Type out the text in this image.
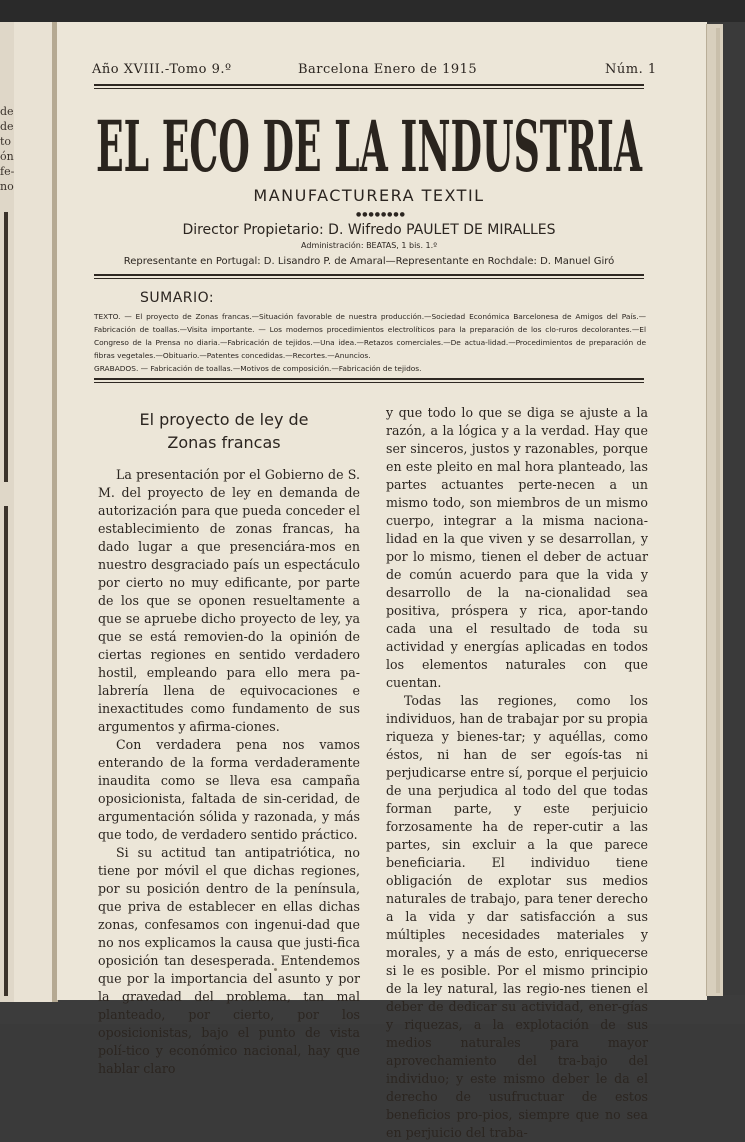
de
de
to
ón
fe-
no
Año XVIII.-Tomo 9.º	Barcelona Enero de 1915	Núm. 1
EL ECO DE LA INDUSTRIA
MANUFACTURERA TEXTIL
●●●●●●●●
Director Propietario: D. Wifredo PAULET DE MIRALLES
Administración: BEATAS, 1 bis. 1.º
Representante en Portugal: D. Lisandro P. de Amaral—Representante en Rochdale: D. Manuel Giró
SUMARIO:

TEXTO. — El proyecto de Zonas francas.—Situación favorable de nuestra producción.—Sociedad Económica Barcelonesa de Amigos del País.—Fabricación de toallas.—Visita importante. — Los modernos procedimientos electrolíticos para la preparación de los clo-ruros decolorantes.—El Congreso de la Prensa no diaria.—Fabricación de tejidos.—Una idea.—Retazos comerciales.—De actua-lidad.—Procedimientos de preparación de fibras vegetales.—Obituario.—Patentes concedidas.—Recortes.—Anuncios.

GRABADOS. — Fabricación de toallas.—Motivos de composición.—Fabricación de tejidos.

El proyecto de ley de
Zonas francas

La presentación por el Gobierno de S. M. del proyecto de ley en demanda de autorización para que pueda conceder el establecimiento de zonas francas, ha dado lugar a que presenciára-mos en nuestro desgraciado país un espectáculo por cierto no muy edificante, por parte de los que se oponen resueltamente a que se apruebe dicho proyecto de ley, ya que se está removien-do la opinión de ciertas regiones en sentido verdadero hostil, empleando para ello mera pa-labrería llena de equivocaciones e inexactitudes como fundamento de sus argumentos y afirma-ciones.

Con verdadera pena nos vamos enterando de la forma verdaderamente inaudita como se lleva esa campaña oposicionista, faltada de sin-ceridad, de argumentación sólida y razonada, y más que todo, de verdadero sentido práctico.

Si su actitud tan antipatriótica, no tiene por móvil el que dichas regiones, por su posición dentro de la península, que priva de establecer en ellas dichas zonas, confesamos con ingenui-dad que no nos explicamos la causa que justi-fica oposición tan desesperada. Entendemos que por la importancia del asunto y por la gravedad del problema, tan mal planteado, por cierto, por los oposicionistas, bajo el punto de vista polí-tico y económico nacional, hay que hablar claro

y que todo lo que se diga se ajuste a la razón, a la lógica y a la verdad. Hay que ser sinceros, justos y razonables, porque en este pleito en mal hora planteado, las partes actuantes perte-necen a un mismo todo, son miembros de un mismo cuerpo, integrar a la misma naciona-lidad en la que viven y se desarrollan, y por lo mismo, tienen el deber de actuar de común acuerdo para que la vida y desarrollo de la na-cionalidad sea positiva, próspera y rica, apor-tando cada una el resultado de toda su actividad y energías aplicadas en todos los elementos naturales con que cuentan.

Todas las regiones, como los individuos, han de trabajar por su propia riqueza y bienes-tar; y aquéllas, como éstos, ni han de ser egoís-tas ni perjudicarse entre sí, porque el perjuicio de una perjudica al todo del que todas forman parte, y este perjuicio forzosamente ha de reper-cutir a las partes, sin excluir a la que parece beneficiaria. El individuo tiene obligación de explotar sus medios naturales de trabajo, para tener derecho a la vida y dar satisfacción a sus múltiples necesidades materiales y morales, y a más de esto, enriquecerse si le es posible. Por el mismo principio de la ley natural, las regio-nes tienen el deber de dedicar su actividad, ener-gías y riquezas, a la explotación de sus medios naturales para mayor aprovechamiento del tra-bajo del individuo; y este mismo deber le da el derecho de usufructuar de estos beneficios pro-pios, siempre que no sea en perjuicio del traba-
